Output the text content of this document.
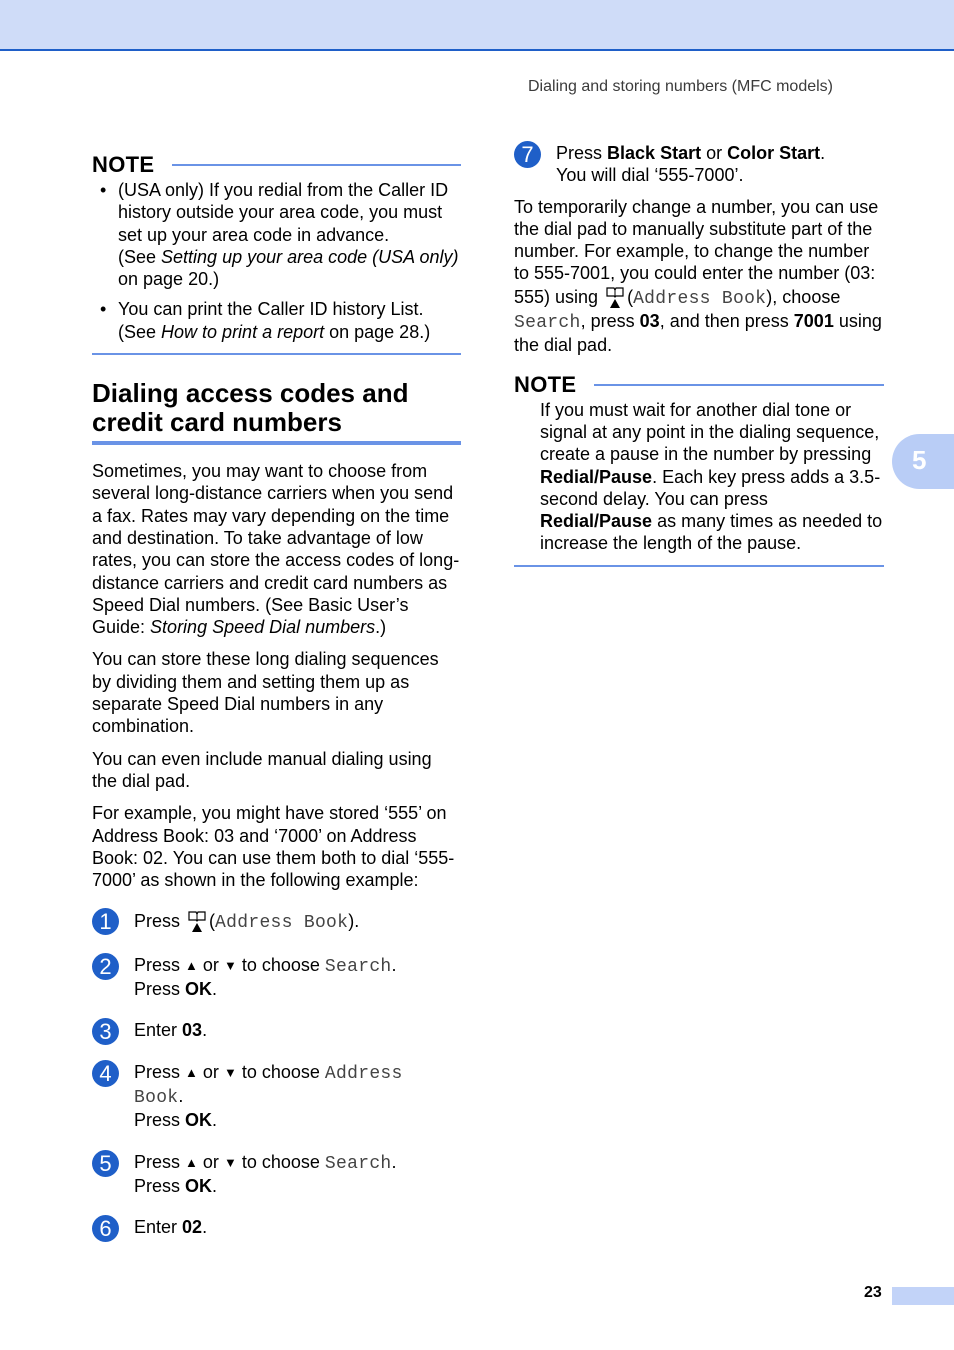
Dialing and storing numbers (MFC models)
5
NOTE
• (USA only) If you redial from the Caller ID history outside your area code, you must set up your area code in advance.
(See Setting up your area code (USA only) on page 20.)
• You can print the Caller ID history List.
(See How to print a report on page 28.)
Dialing access codes and
credit card numbers

Sometimes, you may want to choose from several long-distance carriers when you send a fax. Rates may vary depending on the time and destination. To take advantage of low rates, you can store the access codes of long-distance carriers and credit card numbers as Speed Dial numbers. (See Basic User’s Guide: Storing Speed Dial numbers.)

You can store these long dialing sequences by dividing them and setting them up as separate Speed Dial numbers in any combination.

You can even include manual dialing using the dial pad.

For example, you might have stored ‘555’ on Address Book: 03 and ‘7000’ on Address Book: 02. You can use them both to dial ‘555-7000’ as shown in the following example:

1	Press (Address Book).
2	Press ▲ or ▼ to choose Search.
Press OK.
3	Enter 03.
4	Press ▲ or ▼ to choose Address Book.
Press OK.
5	Press ▲ or ▼ to choose Search.
Press OK.
6	Enter 02.
7	Press Black Start or Color Start.
You will dial ‘555-7000’.

To temporarily change a number, you can use the dial pad to manually substitute part of the number. For example, to change the number to 555-7001, you could enter the number (03: 555) using (Address Book), choose Search, press 03, and then press 7001 using the dial pad.

NOTE

If you must wait for another dial tone or signal at any point in the dialing sequence, create a pause in the number by pressing Redial/Pause. Each key press adds a 3.5-second delay. You can press Redial/Pause as many times as needed to increase the length of the pause.

23
